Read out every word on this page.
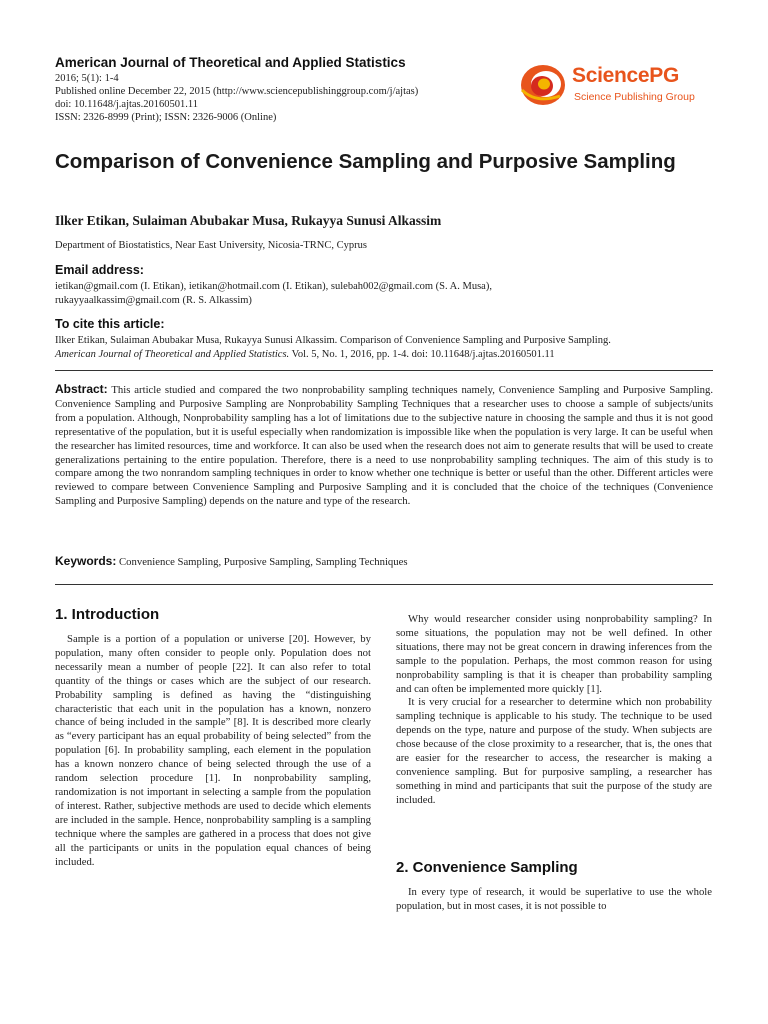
American Journal of Theoretical and Applied Statistics
2016; 5(1): 1-4
Published online December 22, 2015 (http://www.sciencepublishinggroup.com/j/ajtas)
doi: 10.11648/j.ajtas.20160501.11
ISSN: 2326-8999 (Print); ISSN: 2326-9006 (Online)
SciencePG
Science Publishing Group
Comparison of Convenience Sampling and Purposive Sampling
Ilker Etikan, Sulaiman Abubakar Musa, Rukayya Sunusi Alkassim
Department of Biostatistics, Near East University, Nicosia-TRNC, Cyprus
Email address:
ietikan@gmail.com (I. Etikan), ietikan@hotmail.com (I. Etikan), sulebah002@gmail.com (S. A. Musa),
rukayyaalkassim@gmail.com (R. S. Alkassim)
To cite this article:
Ilker Etikan, Sulaiman Abubakar Musa, Rukayya Sunusi Alkassim. Comparison of Convenience Sampling and Purposive Sampling.
American Journal of Theoretical and Applied Statistics. Vol. 5, No. 1, 2016, pp. 1-4. doi: 10.11648/j.ajtas.20160501.11
Abstract: This article studied and compared the two nonprobability sampling techniques namely, Convenience Sampling and Purposive Sampling. Convenience Sampling and Purposive Sampling are Nonprobability Sampling Techniques that a researcher uses to choose a sample of subjects/units from a population. Although, Nonprobability sampling has a lot of limitations due to the subjective nature in choosing the sample and thus it is not good representative of the population, but it is useful especially when randomization is impossible like when the population is very large. It can be useful when the researcher has limited resources, time and workforce. It can also be used when the research does not aim to generate results that will be used to create generalizations pertaining to the entire population. Therefore, there is a need to use nonprobability sampling techniques. The aim of this study is to compare among the two nonrandom sampling techniques in order to know whether one technique is better or useful than the other. Different articles were reviewed to compare between Convenience Sampling and Purposive Sampling and it is concluded that the choice of the techniques (Convenience Sampling and Purposive Sampling) depends on the nature and type of the research.
Keywords: Convenience Sampling, Purposive Sampling, Sampling Techniques
1. Introduction

Sample is a portion of a population or universe [20]. However, by population, many often consider to people only. Population does not necessarily mean a number of people [22]. It can also refer to total quantity of the things or cases which are the subject of our research. Probability sampling is defined as having the “distinguishing characteristic that each unit in the population has a known, nonzero chance of being included in the sample” [8]. It is described more clearly as “every participant has an equal probability of being selected” from the population [6]. In probability sampling, each element in the population has a known nonzero chance of being selected through the use of a random selection procedure [1]. In nonprobability sampling, randomization is not important in selecting a sample from the population of interest. Rather, subjective methods are used to decide which elements are included in the sample. Hence, nonprobability sampling is a sampling technique where the samples are gathered in a process that does not give all the participants or units in the population equal chances of being included.

Why would researcher consider using nonprobability sampling? In some situations, the population may not be well defined. In other situations, there may not be great concern in drawing inferences from the sample to the population. Perhaps, the most common reason for using nonprobability sampling is that it is cheaper than probability sampling and can often be implemented more quickly [1].

It is very crucial for a researcher to determine which non probability sampling technique is applicable to his study. The technique to be used depends on the type, nature and purpose of the study. When subjects are chose because of the close proximity to a researcher, that is, the ones that are easier for the researcher to access, the researcher is making a convenience sampling. But for purposive sampling, a researcher has something in mind and participants that suit the purpose of the study are included.

2. Convenience Sampling

In every type of research, it would be superlative to use the whole population, but in most cases, it is not possible to
